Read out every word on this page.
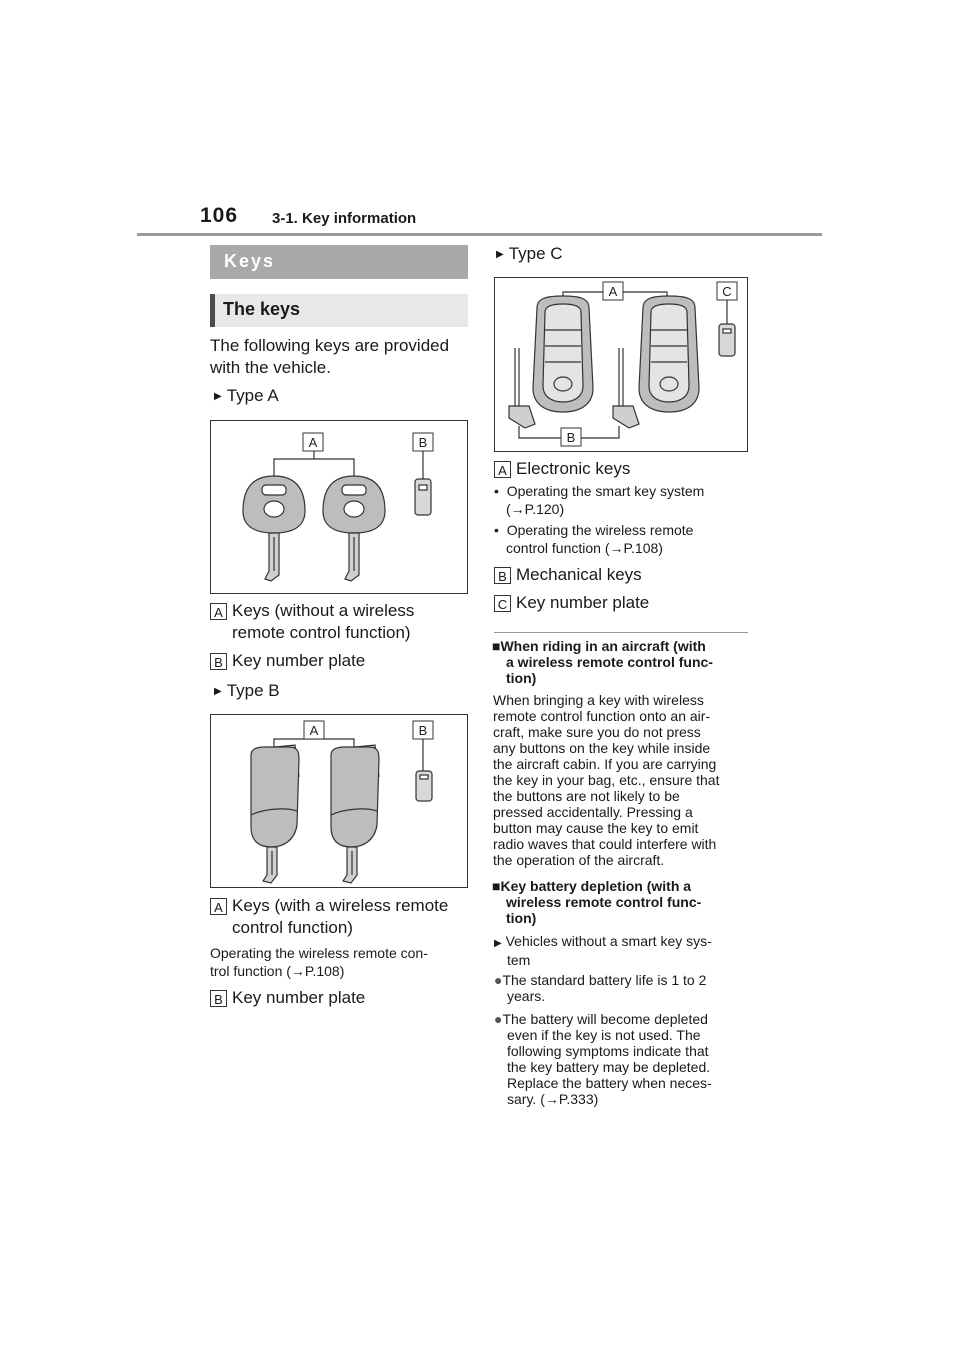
106 3-1. Key information
Keys
The keys
The following keys are provided
with the vehicle.
▶ Type A
A	B
A Keys (without a wireless
remote control function)
B Key number plate
▶ Type B
A	B
A Keys (with a wireless remote
control function)
Operating the wireless remote con-
trol function (→P.108)
B Key number plate
▶ Type C
A	C
B
A Electronic keys
•  Operating the smart key system
(→P.120)
•  Operating the wireless remote
control function (→P.108)
B Mechanical keys
C Key number plate
■When riding in an aircraft (with
a wireless remote control func-
tion)
When bringing a key with wireless
remote control function onto an air-
craft, make sure you do not press
any buttons on the key while inside
the aircraft cabin. If you are carrying
the key in your bag, etc., ensure that
the buttons are not likely to be
pressed accidentally. Pressing a
button may cause the key to emit
radio waves that could interfere with
the operation of the aircraft.
■Key battery depletion (with a
wireless remote control func-
tion)
▶ Vehicles without a smart key sys-
tem
●The standard battery life is 1 to 2
years.
●The battery will become depleted
even if the key is not used. The
following symptoms indicate that
the key battery may be depleted.
Replace the battery when neces-
sary. (→P.333)
